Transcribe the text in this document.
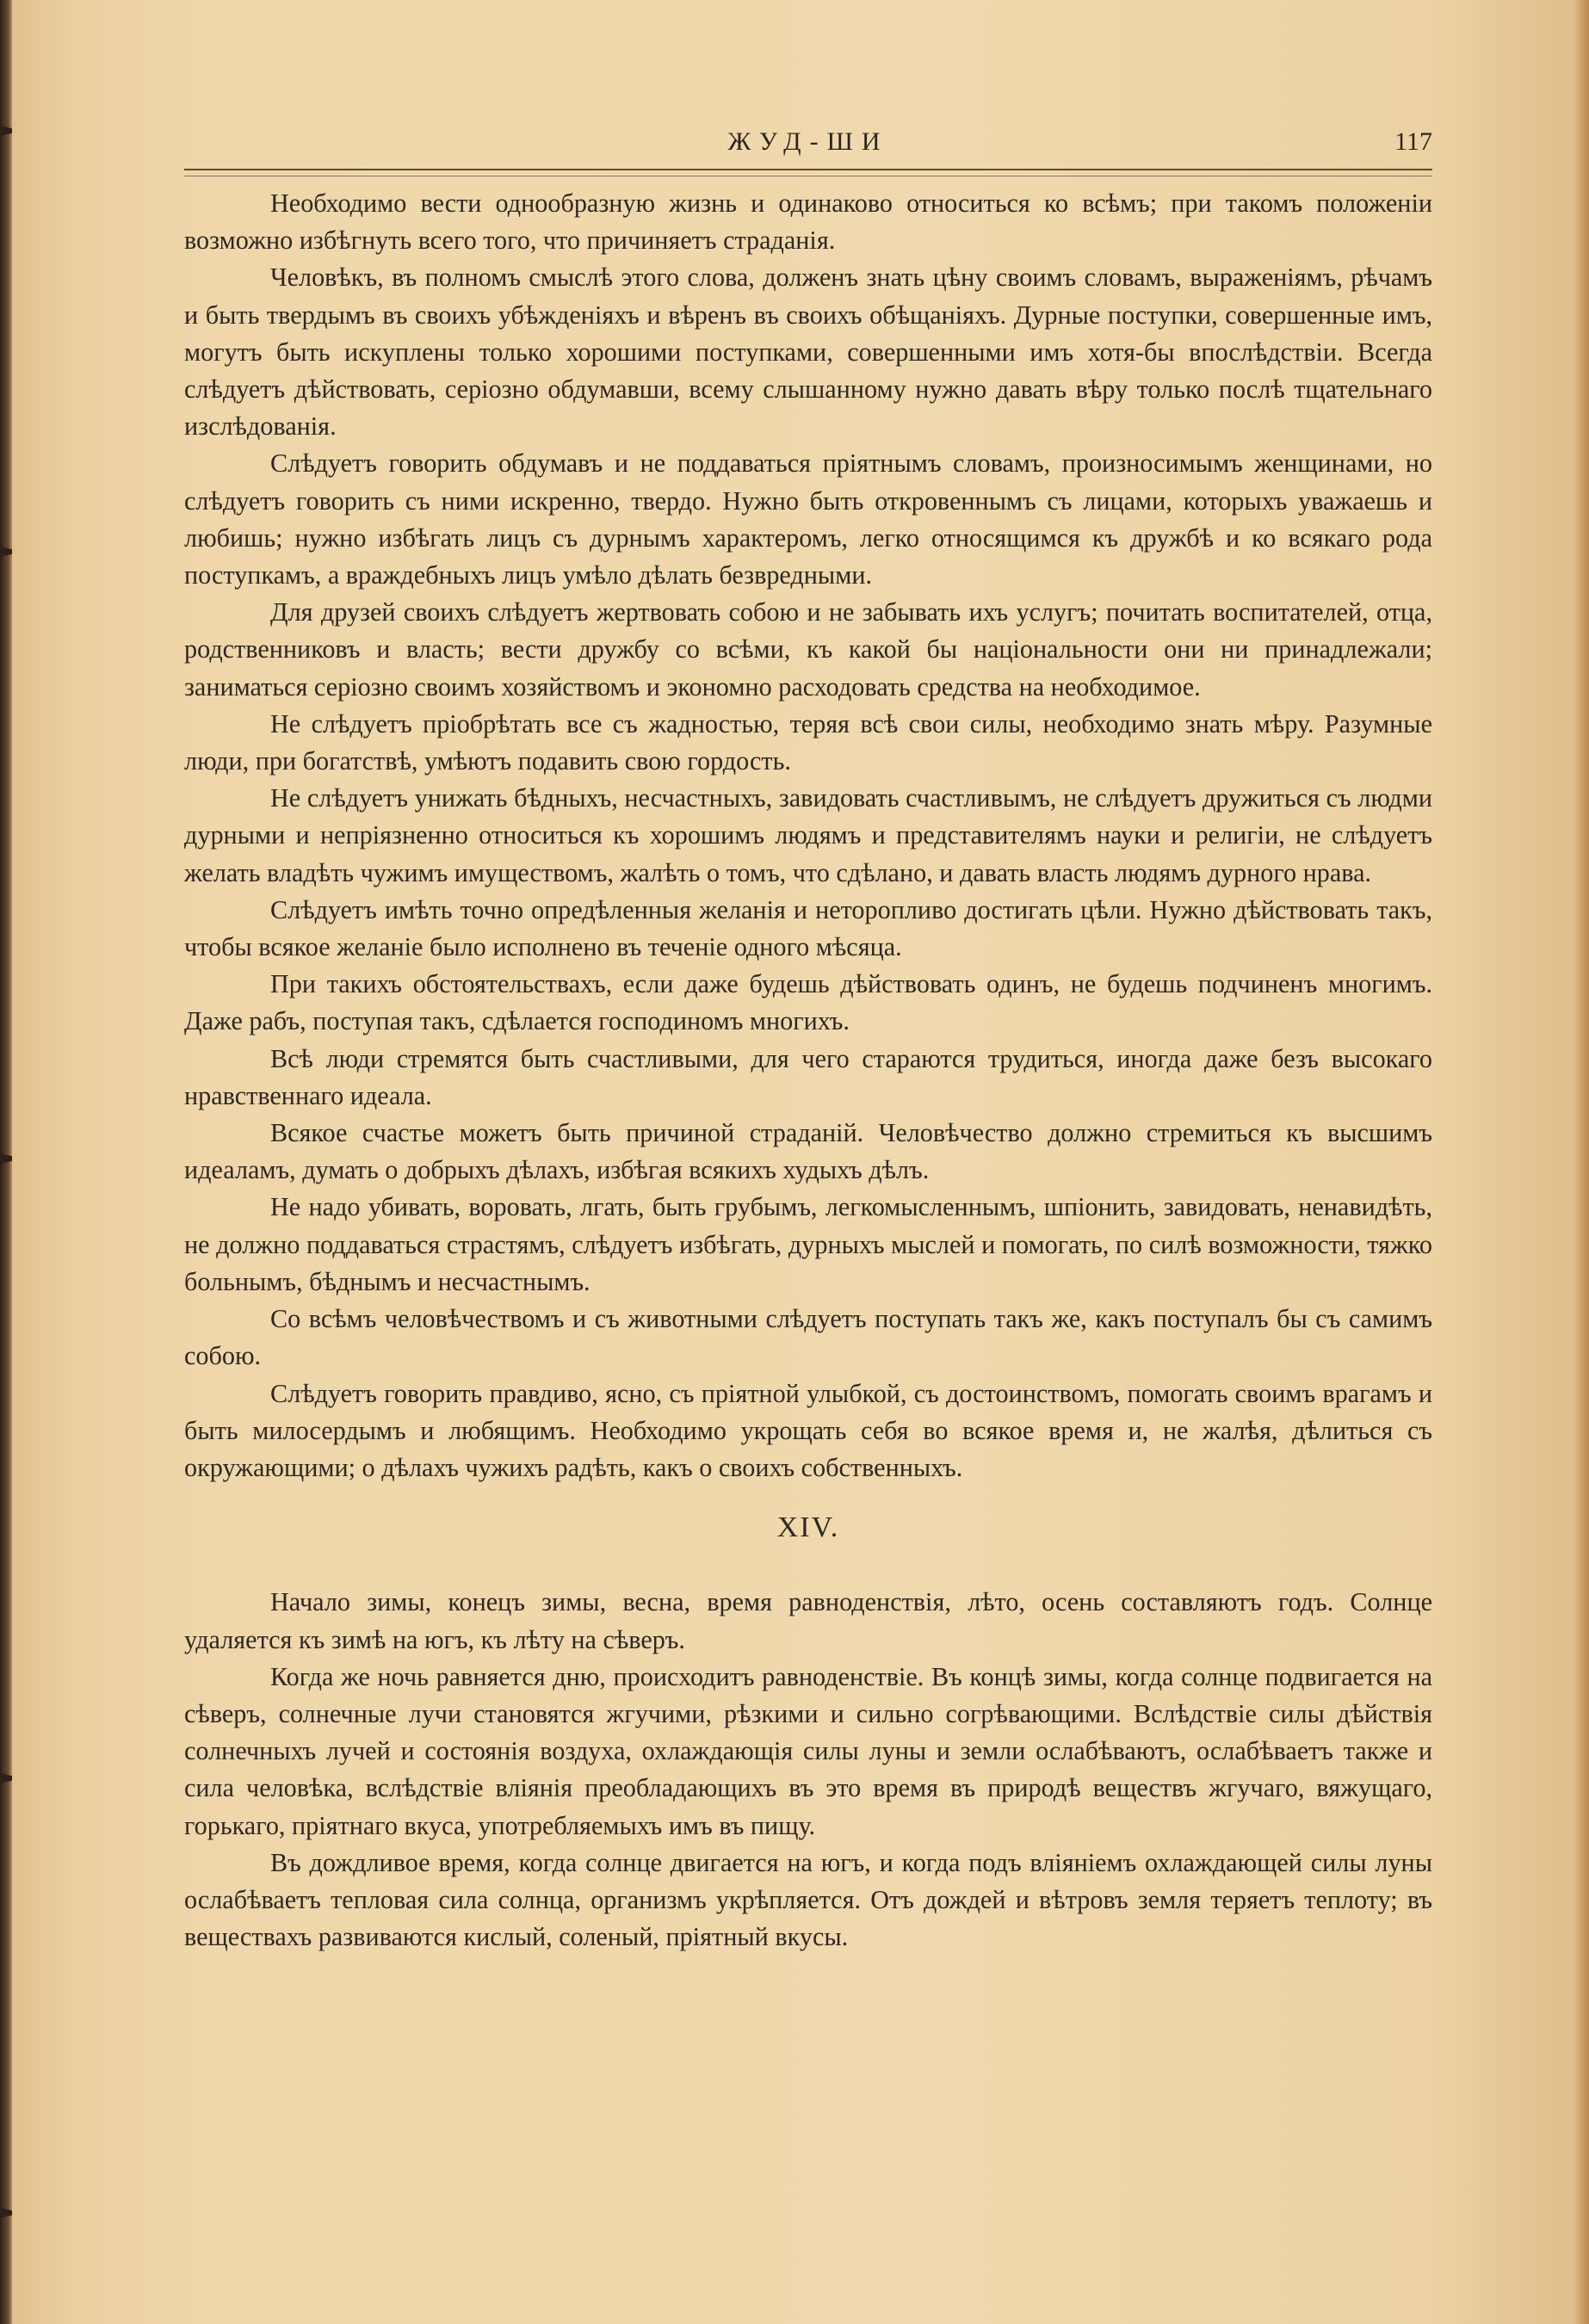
ЖУД-ШИ	117

Необходимо вести однообразную жизнь и одинаково относиться ко всѣмъ; при такомъ положеніи возможно избѣгнуть всего того, что причиняетъ страданія.

Человѣкъ, въ полномъ смыслѣ этого слова, долженъ знать цѣну своимъ словамъ, выраженіямъ, рѣчамъ и быть твердымъ въ своихъ убѣжденіяхъ и вѣренъ въ своихъ обѣщаніяхъ. Дурные поступки, совершенные имъ, могутъ быть искуплены только хорошими поступками, совершенными имъ хотя-бы впослѣдствіи. Всегда слѣдуетъ дѣйствовать, серіозно обдумавши, всему слышанному нужно давать вѣру только послѣ тщательнаго изслѣдованія.

Слѣдуетъ говорить обдумавъ и не поддаваться пріятнымъ словамъ, произносимымъ женщинами, но слѣдуетъ говорить съ ними искренно, твердо. Нужно быть откровеннымъ съ лицами, которыхъ уважаешь и любишь; нужно избѣгать лицъ съ дурнымъ характеромъ, легко относящимся къ дружбѣ и ко всякаго рода поступкамъ, а враждебныхъ лицъ умѣло дѣлать безвредными.

Для друзей своихъ слѣдуетъ жертвовать собою и не забывать ихъ услугъ; почитать воспитателей, отца, родственниковъ и власть; вести дружбу со всѣми, къ какой бы національности они ни принадлежали; заниматься серіозно своимъ хозяйствомъ и экономно расходовать средства на необходимое.

Не слѣдуетъ пріобрѣтать все съ жадностью, теряя всѣ свои силы, необходимо знать мѣру. Разумные люди, при богатствѣ, умѣютъ подавить свою гордость.

Не слѣдуетъ унижать бѣдныхъ, несчастныхъ, завидовать счастливымъ, не слѣдуетъ дружиться съ людми дурными и непріязненно относиться къ хорошимъ людямъ и представителямъ науки и религіи, не слѣдуетъ желать владѣть чужимъ имуществомъ, жалѣть о томъ, что сдѣлано, и давать власть людямъ дурного нрава.

Слѣдуетъ имѣть точно опредѣленныя желанія и неторопливо достигать цѣли. Нужно дѣйствовать такъ, чтобы всякое желаніе было исполнено въ теченіе одного мѣсяца.

При такихъ обстоятельствахъ, если даже будешь дѣйствовать одинъ, не будешь подчиненъ многимъ. Даже рабъ, поступая такъ, сдѣлается господиномъ многихъ.

Всѣ люди стремятся быть счастливыми, для чего стараются трудиться, иногда даже безъ высокаго нравственнаго идеала.

Всякое счастье можетъ быть причиной страданій. Человѣчество должно стремиться къ высшимъ идеаламъ, думать о добрыхъ дѣлахъ, избѣгая всякихъ худыхъ дѣлъ.

Не надо убивать, воровать, лгать, быть грубымъ, легкомысленнымъ, шпіонить, завидовать, ненавидѣть, не должно поддаваться страстямъ, слѣдуетъ избѣгать, дурныхъ мыслей и помогать, по силѣ возможности, тяжко больнымъ, бѣднымъ и несчастнымъ.

Со всѣмъ человѣчествомъ и съ животными слѣдуетъ поступать такъ же, какъ поступалъ бы съ самимъ собою.

Слѣдуетъ говорить правдиво, ясно, съ пріятной улыбкой, съ достоинствомъ, помогать своимъ врагамъ и быть милосердымъ и любящимъ. Необходимо укрощать себя во всякое время и, не жалѣя, дѣлиться съ окружающими; о дѣлахъ чужихъ радѣть, какъ о своихъ собственныхъ.

XIV.

Начало зимы, конецъ зимы, весна, время равноденствія, лѣто, осень составляютъ годъ. Солнце удаляется къ зимѣ на югъ, къ лѣту на сѣверъ.

Когда же ночь равняется дню, происходитъ равноденствіе. Въ концѣ зимы, когда солнце подвигается на сѣверъ, солнечные лучи становятся жгучими, рѣзкими и сильно согрѣвающими. Вслѣдствіе силы дѣйствія солнечныхъ лучей и состоянія воздуха, охлаждающія силы луны и земли ослабѣваютъ, ослабѣваетъ также и сила человѣка, вслѣдствіе вліянія преобладающихъ въ это время въ природѣ веществъ жгучаго, вяжущаго, горькаго, пріятнаго вкуса, употребляемыхъ имъ въ пищу.

Въ дождливое время, когда солнце двигается на югъ, и когда подъ вліяніемъ охлаждающей силы луны ослабѣваетъ тепловая сила солнца, организмъ укрѣпляется. Отъ дождей и вѣтровъ земля теряетъ теплоту; въ веществахъ развиваются кислый, соленый, пріятный вкусы.
